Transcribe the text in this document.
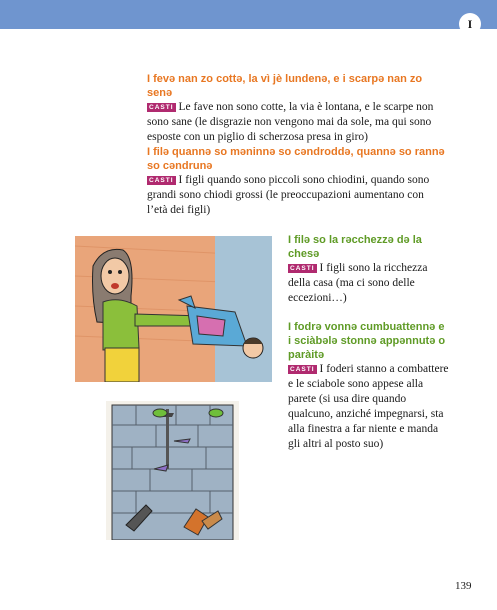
I
I fevə nan zo cottə, la vì jè lundenə, e i scarpə nan zo senə
CASTI Le fave non sono cotte, la via è lontana, e le scarpe non sono sane (le disgrazie non vengono mai da sole, ma qui sono esposte con un piglio di scherzosa presa in giro)
I filə quannə so məninnə so cəndroddə, quannə so rannə so cəndrunə
CASTI I figli quando sono piccoli sono chiodini, quando sono grandi sono chiodi grossi (le preoccupazioni aumentano con l’età dei figli)
I filə so la rəcchezzə də la chesə
CASTI I figli sono la ricchezza della casa (ma ci sono delle eccezioni…)
I fodrə vonnə cumbuattennə e i sciàbələ stonnə appənnutə o paràitə
CASTI I foderi stanno a combattere e le sciabole sono appese alla parete (si usa dire quando qualcuno, anziché impegnarsi, sta alla finestra a far niente e manda gli altri al posto suo)
139
